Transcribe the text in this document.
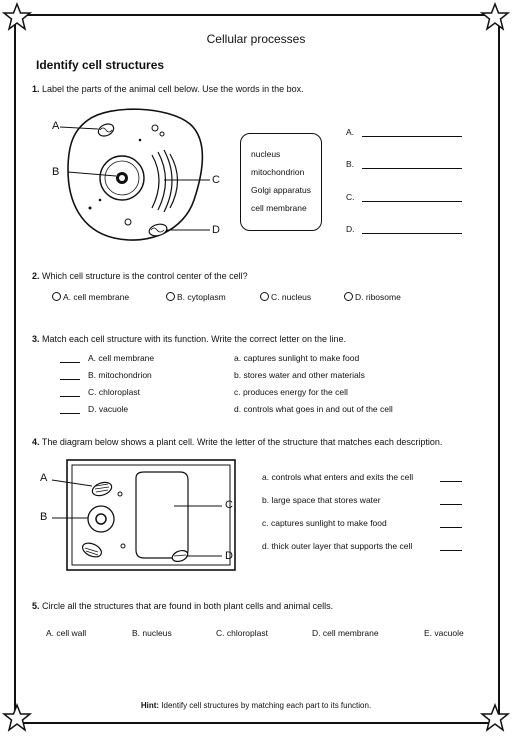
Cellular processes
Identify cell structures
1. Label the parts of the animal cell below. Use the words in the box.
A
B
C
D
nucleus
mitochondrion
Golgi apparatus
cell membrane
A.
B.
C.
D.
2. Which cell structure is the control center of the cell?
A. cell membrane	B. cytoplasm	C. nucleus	D. ribosome
3. Match each cell structure with its function. Write the correct letter on the line.
A. cell membrane
B. mitochondrion
C. chloroplast
D. vacuole
a. captures sunlight to make food
b. stores water and other materials
c. produces energy for the cell
d. controls what goes in and out of the cell
4. The diagram below shows a plant cell. Write the letter of the structure that matches each description.
A
B
C
D
a. controls what enters and exits the cell
b. large space that stores water
c. captures sunlight to make food
d. thick outer layer that supports the cell
5. Circle all the structures that are found in both plant cells and animal cells.
A. cell wall	B. nucleus	C. chloroplast	D. cell membrane	E. vacuole
Hint: Identify cell structures by matching each part to its function.
